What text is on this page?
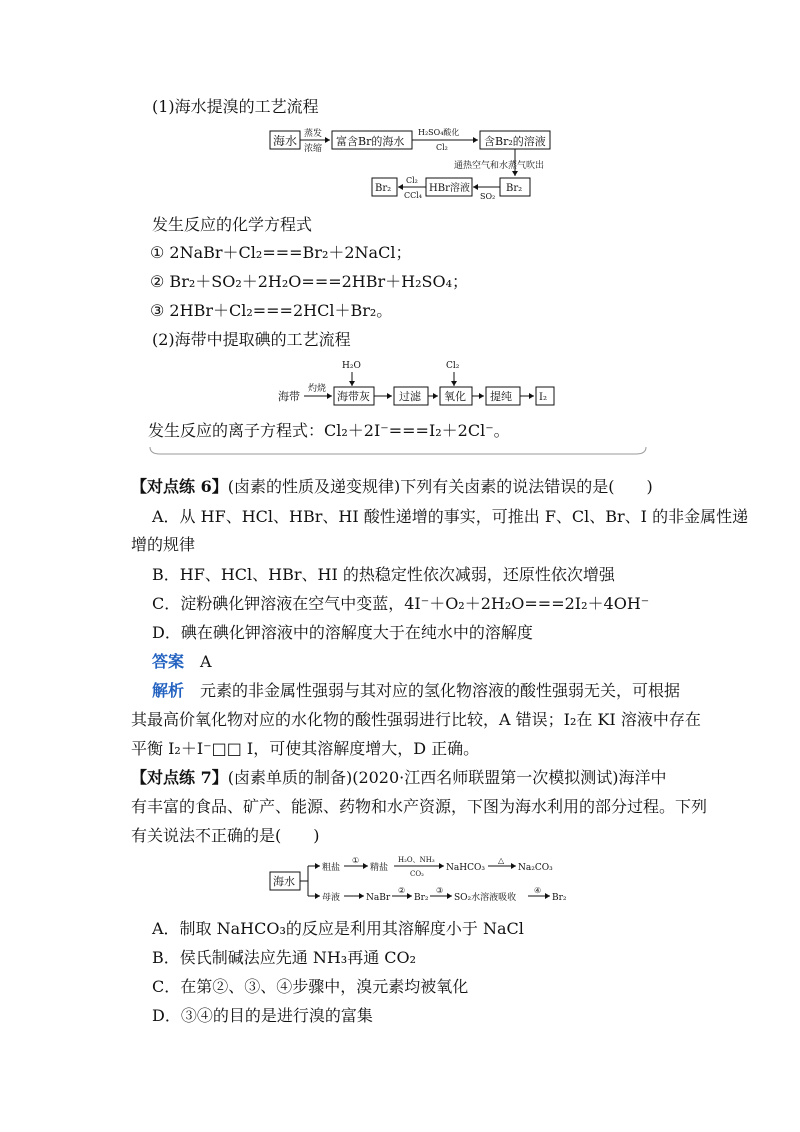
(1)海水提溴的工艺流程
海水 蒸发
浓缩
富含Br的海水
H₂SO₄酸化
Cl₂	含Br₂的溶液
通热空气和水蒸气吹出
Br₂
SO₂
HBr溶液
Cl₂
CCl₄
Br₂
发生反应的化学方程式
① 2NaBr＋Cl₂===Br₂＋2NaCl；
② Br₂＋SO₂＋2H₂O===2HBr＋H₂SO₄；
③ 2HBr＋Cl₂===2HCl＋Br₂。
(2)海带中提取碘的工艺流程
海带
灼烧
H₂O
海带灰	过滤
Cl₂
氧化 提纯	I₂
发生反应的离子方程式：Cl₂＋2I⁻===I₂＋2Cl⁻。
【对点练 6】(卤素的性质及递变规律)下列有关卤素的说法错误的是(　　)
A．从 HF、HCl、HBr、HI 酸性递增的事实，可推出 F、Cl、Br、I 的非金属性递
增的规律
B．HF、HCl、HBr、HI 的热稳定性依次减弱，还原性依次增强
C．淀粉碘化钾溶液在空气中变蓝，4I⁻＋O₂＋2H₂O===2I₂＋4OH⁻
D．碘在碘化钾溶液中的溶解度大于在纯水中的溶解度
答案　 A
解析　 元素的非金属性强弱与其对应的氢化物溶液的酸性强弱无关，可根据
其最高价氧化物对应的水化物的酸性强弱进行比较，A 错误；I₂在 KI 溶液中存在
平衡 I₂＋I⁻□□ I，可使其溶解度增大，D 正确。
【对点练 7】(卤素单质的制备)(2020·江西名师联盟第一次模拟测试)海洋中
有丰富的食品、矿产、能源、药物和水产资源，下图为海水利用的部分过程。下列
有关说法不正确的是(　　)
海水
粗盐
①
精盐
H₂O、NH₃
CO₂
NaHCO₃
△
Na₂CO₃
母液	NaBr
②
Br₂
③
SO₂水溶液吸收
④
Br₂
A．制取 NaHCO₃的反应是利用其溶解度小于 NaCl
B．侯氏制碱法应先通 NH₃再通 CO₂
C．在第②、③、④步骤中，溴元素均被氧化
D．③④的目的是进行溴的富集
